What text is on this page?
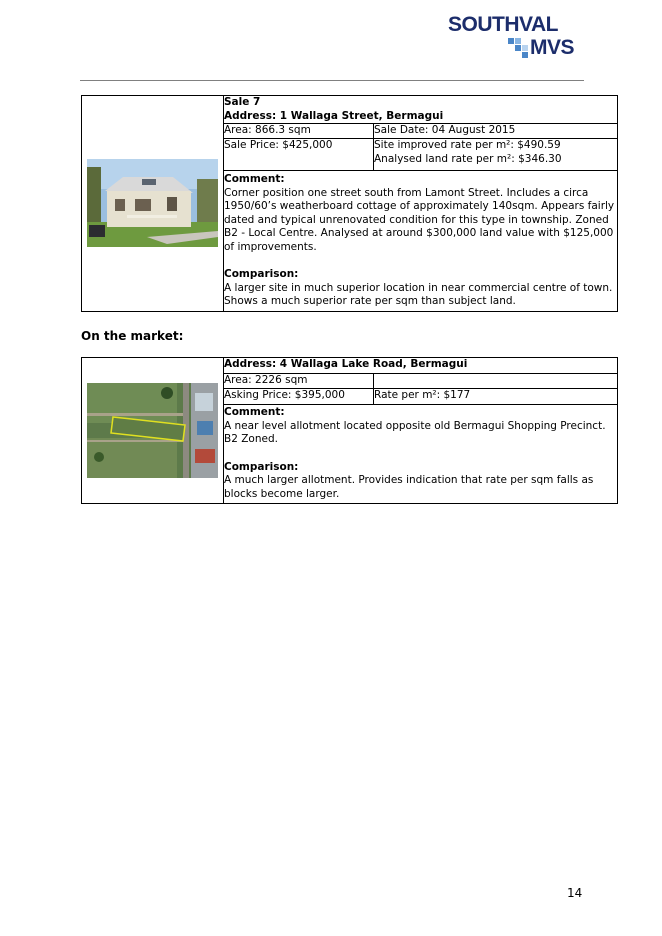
SOUTHVAL
MVS

Sale 7
Address: 1 Wallaga Street, Bermagui	

	Area: 866.3 sqm	Sale Date: 04 August 2015
	Sale Price: $425,000	Site improved rate per m²: $490.59
Analysed land rate per m²: $346.30

	Comment:
Corner position one street south from Lamont Street. Includes a circa 1950/60’s weatherboard cottage of approximately 140sqm. Appears fairly dated and typical unrenovated condition for this type in township. Zoned B2 - Local Centre. Analysed at around $300,000 land value with $125,000 of improvements.
Comparison:
A larger site in much superior location in near commercial centre of town. Shows a much superior rate per sqm than subject land.	
On the market:

Address: 4 Wallaga Lake Road, Bermagui	

	Area: 2226 sqm	
	Asking Price: $395,000	Rate per m²: $177

	Comment:
A near level allotment located opposite old Bermagui Shopping Precinct. B2 Zoned.
Comparison:
A much larger allotment. Provides indication that rate per sqm falls as blocks become larger.	
14
